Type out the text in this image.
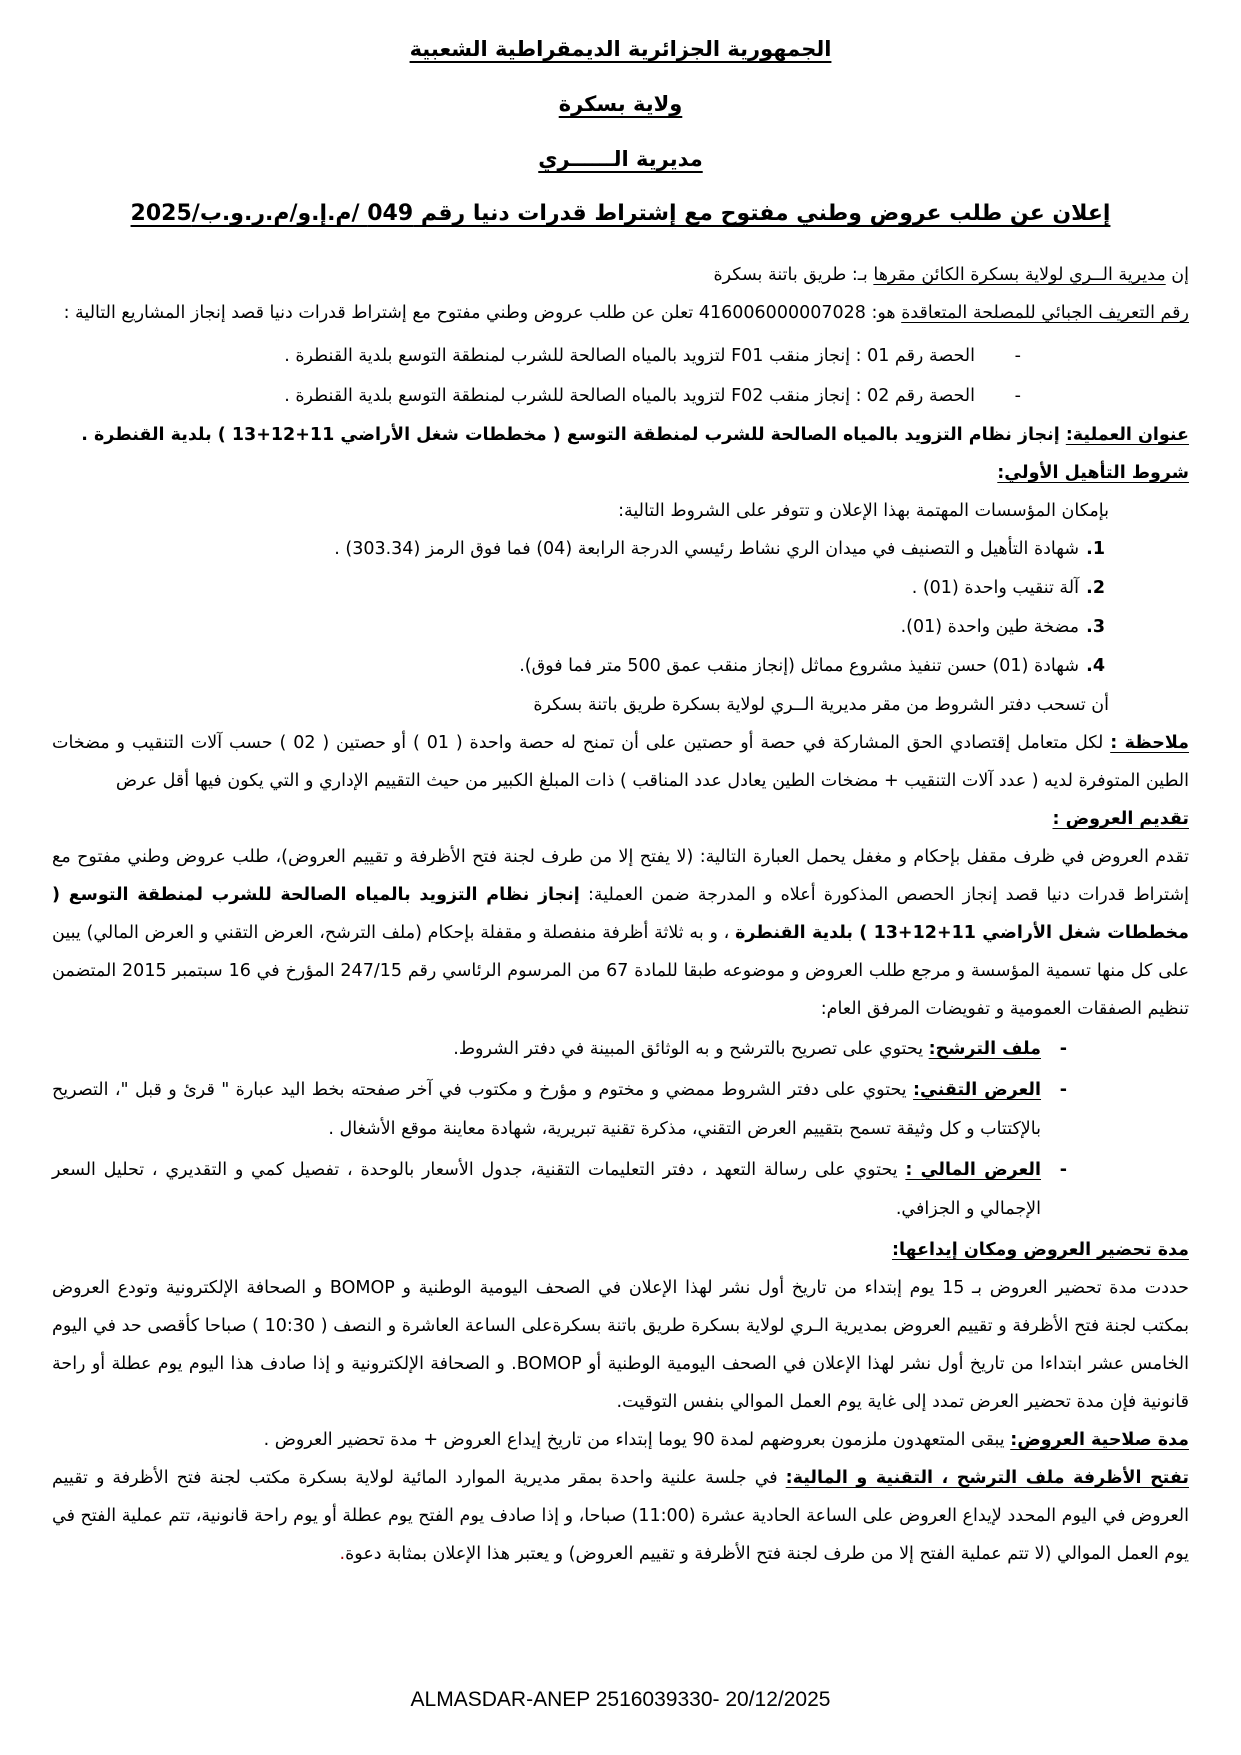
الجمهورية الجزائرية الديمقراطية الشعبية
ولاية بسكرة
مديرية الــــــري
إعلان عن طلب عروض وطني مفتوح مع إشتراط قدرات دنيا رقم 049 /م.إ.و/م.ر.و.ب/2025
إن مديرية الــري لولاية بسكرة الكائن مقرها بـ: طريق باتنة بسكرة
رقم التعريف الجبائي للمصلحة المتعاقدة هو: 416006000007028 تعلن عن طلب عروض وطني مفتوح مع إشتراط قدرات دنيا قصد إنجاز المشاريع التالية :
-
الحصة رقم 01 : إنجاز منقب F01 لتزويد بالمياه الصالحة للشرب لمنطقة التوسع بلدية القنطرة .
-
الحصة رقم 02 : إنجاز منقب F02 لتزويد بالمياه الصالحة للشرب لمنطقة التوسع بلدية القنطرة .
عنوان العملية: إنجاز نظام التزويد بالمياه الصالحة للشرب لمنطقة التوسع ( مخططات شغل الأراضي 11+12+13 ) بلدية القنطرة .
شروط التأهيل الأولي:
بإمكان المؤسسات المهتمة بهذا الإعلان و تتوفر على الشروط التالية:
1.
شهادة التأهيل و التصنيف في ميدان الري نشاط رئيسي الدرجة الرابعة (04) فما فوق الرمز (303.34) .
2.
آلة تنقيب واحدة (01) .
3.
مضخة طين واحدة (01).
4.
شهادة (01) حسن تنفيذ مشروع مماثل (إنجاز منقب عمق 500 متر فما فوق).
أن تسحب دفتر الشروط من مقر مديرية الــري لولاية بسكرة طريق باتنة بسكرة
ملاحظة : لكل متعامل إقتصادي الحق المشاركة في حصة أو حصتين على أن تمنح له حصة واحدة ( 01 ) أو حصتين ( 02 ) حسب آلات التنقيب و مضخات الطين المتوفرة لديه ( عدد آلات التنقيب + مضخات الطين يعادل عدد المناقب ) ذات المبلغ الكبير من حيث التقييم الإداري و التي يكون فيها أقل عرض
تقديم العروض :
تقدم العروض في ظرف مقفل بإحكام و مغفل يحمل العبارة التالية: (لا يفتح إلا من طرف لجنة فتح الأظرفة و تقييم العروض)، طلب عروض وطني مفتوح مع إشتراط قدرات دنيا قصد إنجاز الحصص المذكورة أعلاه و المدرجة ضمن العملية: إنجاز نظام التزويد بالمياه الصالحة للشرب لمنطقة التوسع ( مخططات شغل الأراضي 11+12+13 ) بلدية القنطرة ، و به ثلاثة أظرفة منفصلة و مقفلة بإحكام (ملف الترشح، العرض التقني و العرض المالي) يبين على كل منها تسمية المؤسسة و مرجع طلب العروض و موضوعه طبقا للمادة 67 من المرسوم الرئاسي رقم 247/15 المؤرخ في 16 سبتمبر 2015 المتضمن تنظيم الصفقات العمومية و تفويضات المرفق العام:
-
ملف الترشح: يحتوي على تصريح بالترشح و به الوثائق المبينة في دفتر الشروط.
-
العرض التقني: يحتوي على دفتر الشروط ممضي و مختوم و مؤرخ و مكتوب في آخر صفحته بخط اليد عبارة " قرئ و قبل "، التصريح بالإكتتاب و كل وثيقة تسمح بتقييم العرض التقني، مذكرة تقنية تبريرية، شهادة معاينة موقع الأشغال .
-
العرض المالي : يحتوي على رسالة التعهد ، دفتر التعليمات التقنية، جدول الأسعار بالوحدة ، تفصيل كمي و التقديري ، تحليل السعر الإجمالي و الجزافي.
مدة تحضير العروض ومكان إيداعها:
حددت مدة تحضير العروض بـ 15 يوم إبتداء من تاريخ أول نشر لهذا الإعلان في الصحف اليومية الوطنية و BOMOP و الصحافة الإلكترونية وتودع العروض بمكتب لجنة فتح الأظرفة و تقييم العروض بمديرية الـري لولاية بسكرة طريق باتنة بسكرةعلى الساعة العاشرة و النصف ( 10:30 ) صباحا كأقصى حد في اليوم الخامس عشر ابتداءا من تاريخ أول نشر لهذا الإعلان في الصحف اليومية الوطنية أو BOMOP. و الصحافة الإلكترونية و إذا صادف هذا اليوم يوم عطلة أو راحة قانونية فإن مدة تحضير العرض تمدد إلى غاية يوم العمل الموالي بنفس التوقيت.
مدة صلاحية العروض: يبقى المتعهدون ملزمون بعروضهم لمدة 90 يوما إبتداء من تاريخ إيداع العروض + مدة تحضير العروض .
تفتح الأظرفة ملف الترشح ، التقنية و المالية: في جلسة علنية واحدة بمقر مديرية الموارد المائية لولاية بسكرة مكتب لجنة فتح الأظرفة و تقييم العروض في اليوم المحدد لإيداع العروض على الساعة الحادية عشرة (11:00) صباحا، و إذا صادف يوم الفتح يوم عطلة أو يوم راحة قانونية، تتم عملية الفتح في يوم العمل الموالي (لا تتم عملية الفتح إلا من طرف لجنة فتح الأظرفة و تقييم العروض) و يعتبر هذا الإعلان بمثابة دعوة.
ALMASDAR-ANEP 2516039330- 20/12/2025
